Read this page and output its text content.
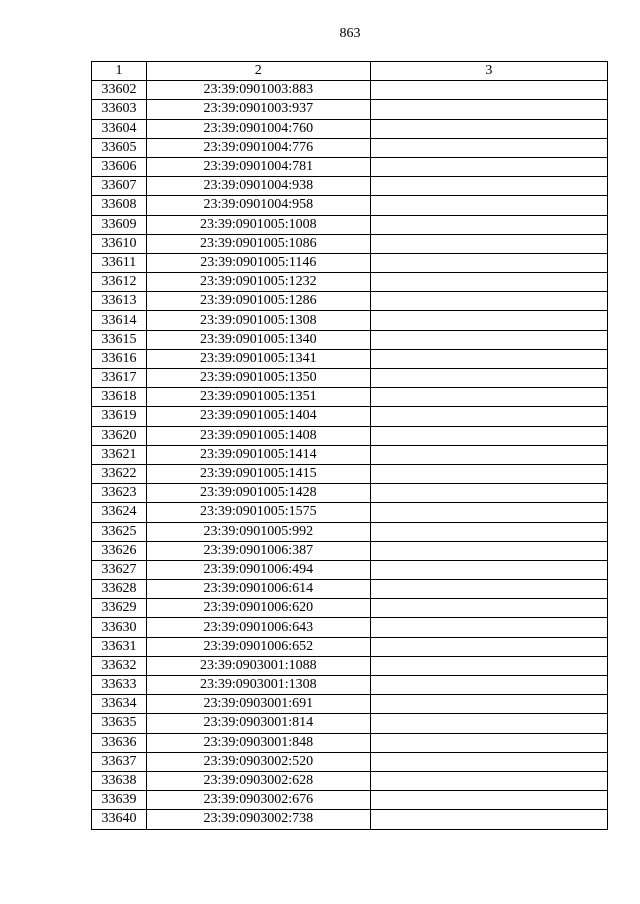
863
1	2	3
33602	23:39:0901003:883	
33603	23:39:0901003:937	
33604	23:39:0901004:760	
33605	23:39:0901004:776	
33606	23:39:0901004:781	
33607	23:39:0901004:938	
33608	23:39:0901004:958	
33609	23:39:0901005:1008	
33610	23:39:0901005:1086	
33611	23:39:0901005:1146	
33612	23:39:0901005:1232	
33613	23:39:0901005:1286	
33614	23:39:0901005:1308	
33615	23:39:0901005:1340	
33616	23:39:0901005:1341	
33617	23:39:0901005:1350	
33618	23:39:0901005:1351	
33619	23:39:0901005:1404	
33620	23:39:0901005:1408	
33621	23:39:0901005:1414	
33622	23:39:0901005:1415	
33623	23:39:0901005:1428	
33624	23:39:0901005:1575	
33625	23:39:0901005:992	
33626	23:39:0901006:387	
33627	23:39:0901006:494	
33628	23:39:0901006:614	
33629	23:39:0901006:620	
33630	23:39:0901006:643	
33631	23:39:0901006:652	
33632	23:39:0903001:1088	
33633	23:39:0903001:1308	
33634	23:39:0903001:691	
33635	23:39:0903001:814	
33636	23:39:0903001:848	
33637	23:39:0903002:520	
33638	23:39:0903002:628	
33639	23:39:0903002:676	
33640	23:39:0903002:738	
